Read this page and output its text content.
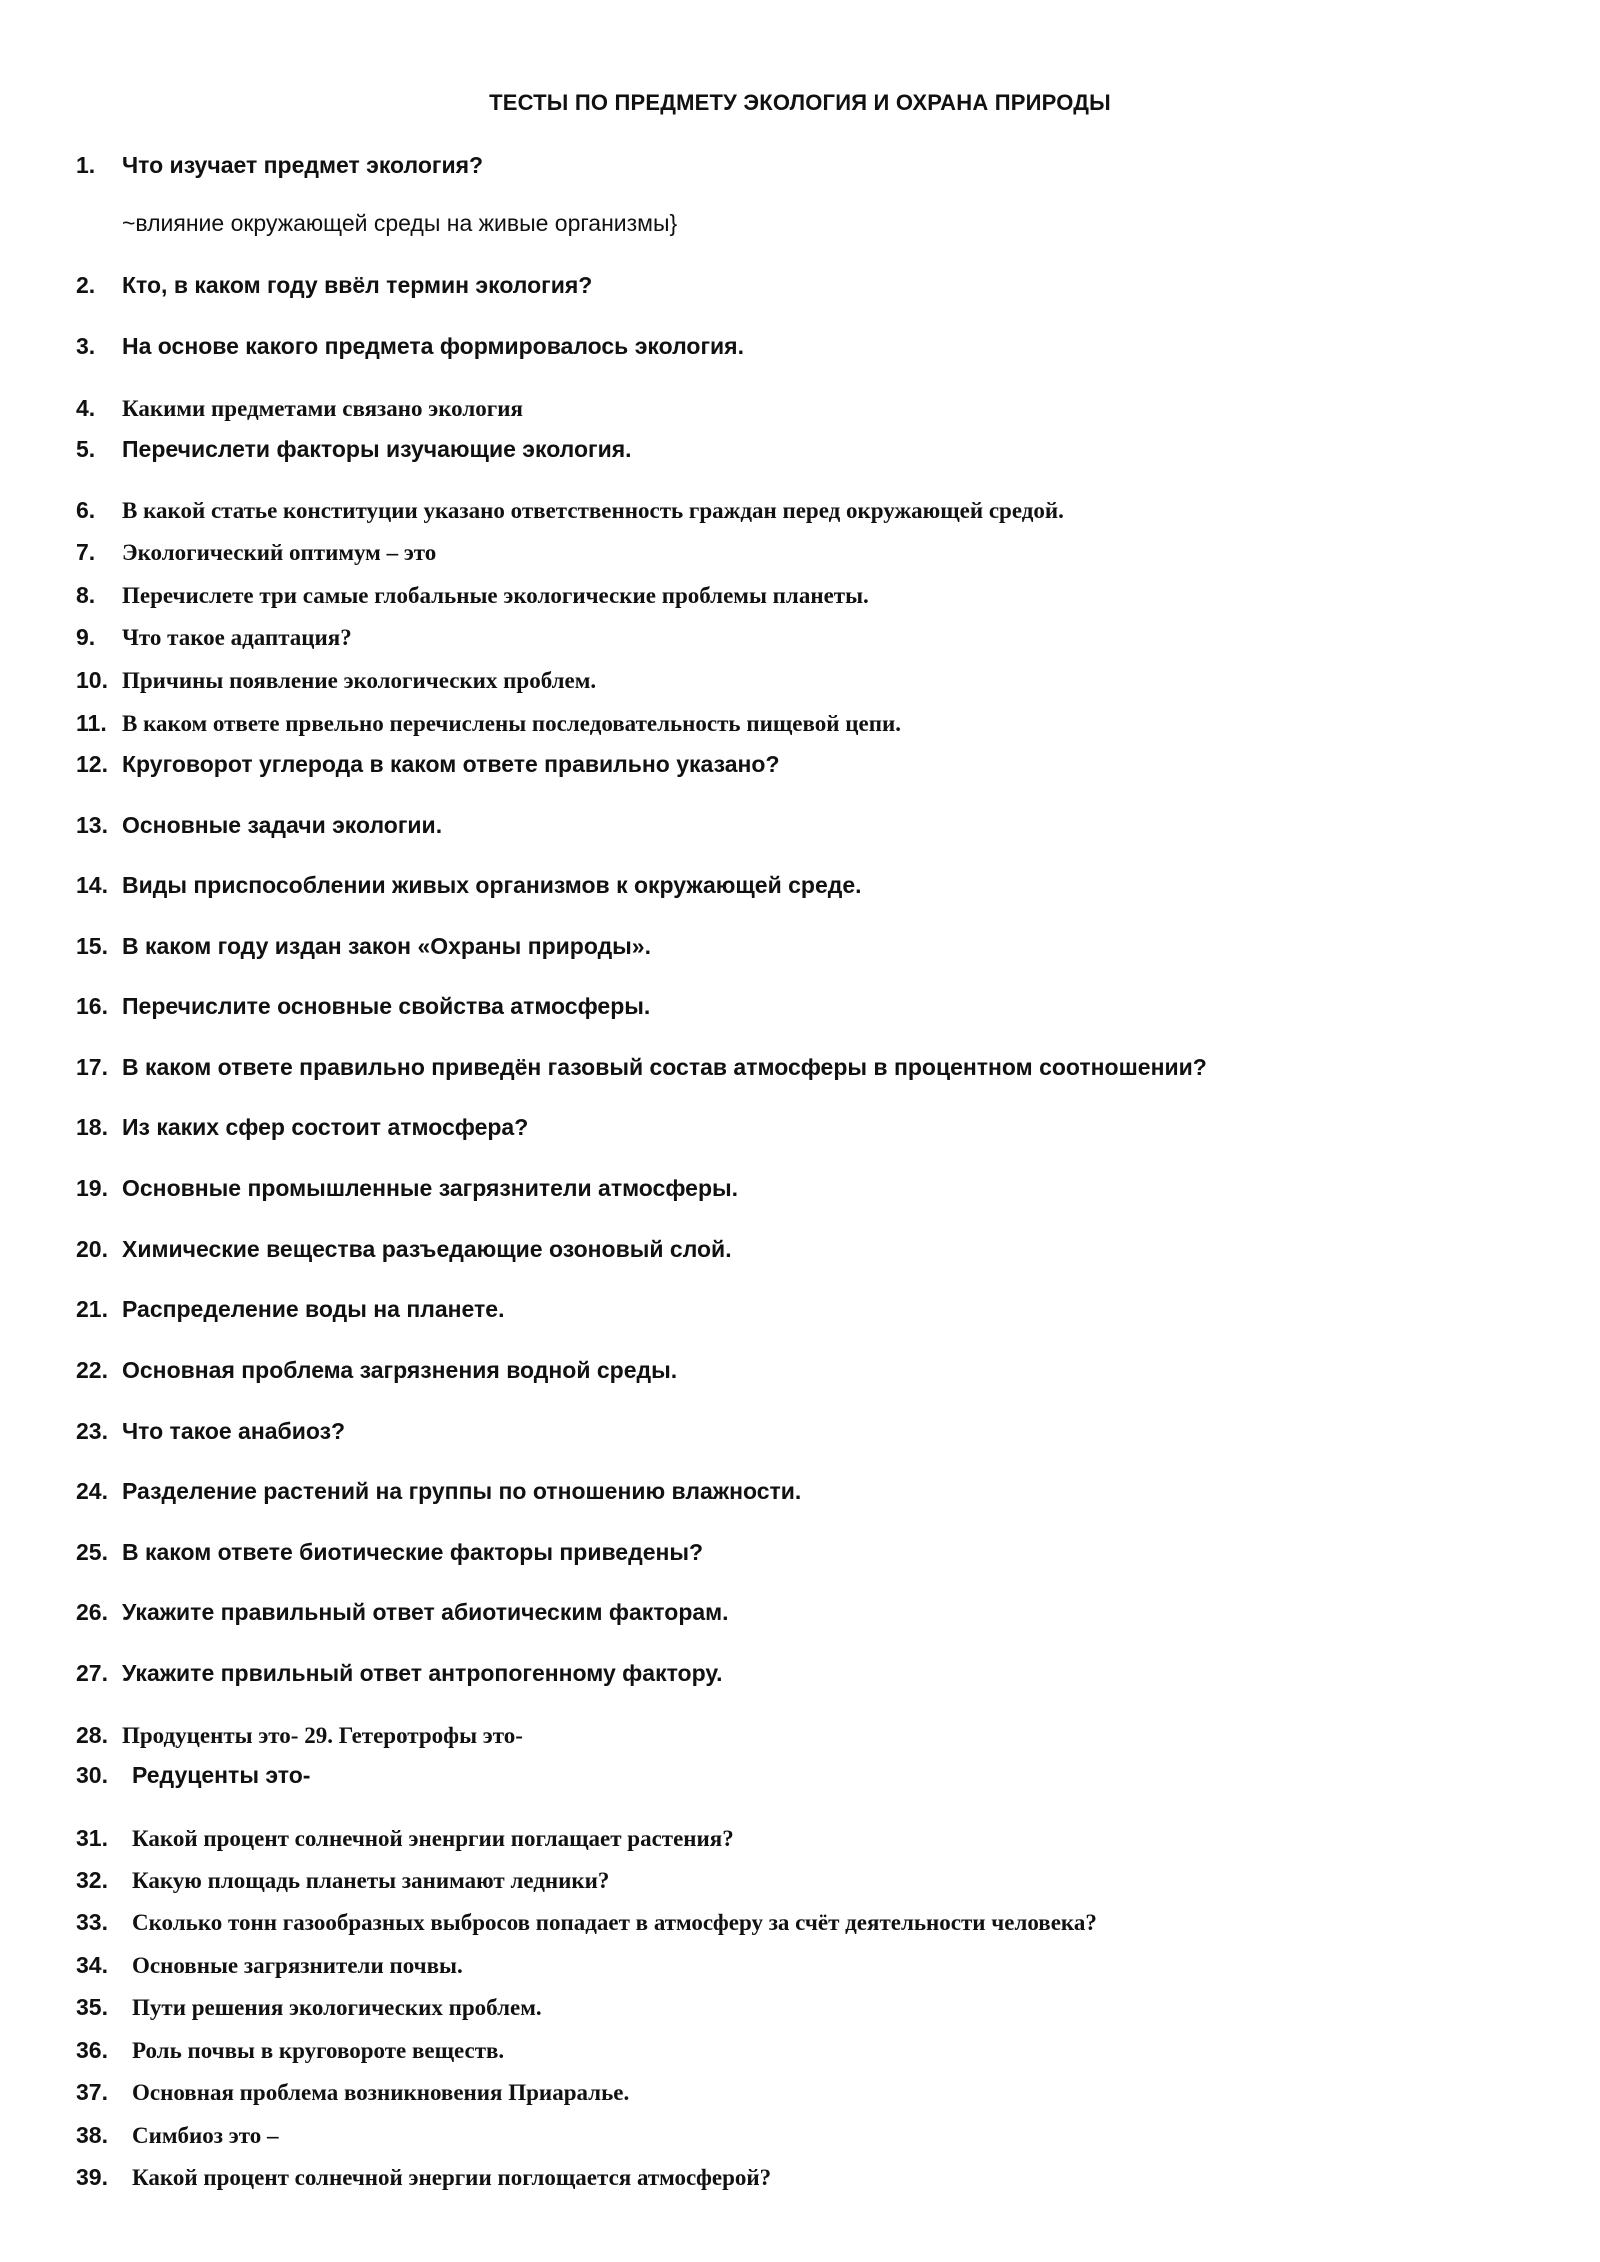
ТЕСТЫ ПО ПРЕДМЕТУ ЭКОЛОГИЯ И ОХРАНА ПРИРОДЫ
1. Что изучает предмет экология?
~влияние окружающей среды на живые организмы}
2. Кто, в каком году ввёл термин экология?
3. На основе какого предмета формировалось экология.
4. Какими предметами связано экология
5. Перечислети факторы изучающие экология.
6. В какой статье конституции указано ответственность граждан перед окружающей средой.
7. Экологический оптимум – это
8. Перечислете три самые глобальные экологические проблемы планеты.
9. Что такое адаптация?
10. Причины появление экологических проблем.
11. В каком ответе првельно перечислены последовательность пищевой цепи.
12. Круговорот углерода в каком ответе правильно указано?
13. Основные задачи экологии.
14. Виды приспособлении живых организмов к окружающей среде.
15. В каком году издан закон «Охраны природы».
16. Перечислите основные свойства атмосферы.
17. В каком ответе правильно приведён газовый состав атмосферы в процентном соотношении?
18. Из каких сфер состоит атмосфера?
19. Основные промышленные загрязнители атмосферы.
20. Химические вещества разъедающие озоновый слой.
21. Распределение воды на планете.
22. Основная проблема загрязнения водной среды.
23. Что такое анабиоз?
24. Разделение растений на группы по отношению влажности.
25. В каком ответе биотические факторы приведены?
26. Укажите правильный ответ абиотическим факторам.
27. Укажите првильный ответ антропогенному фактору.
28. Продуценты это- 29. Гетеротрофы это-
30. Редуценты это-
31. Какой процент солнечной эненргии поглащает растения?
32. Какую площадь планеты занимают ледники?
33. Сколько тонн газообразных выбросов попадает в атмосферу за счёт деятельности человека?
34. Основные загрязнители почвы.
35. Пути решения экологических проблем.
36. Роль почвы в круговороте веществ.
37. Основная проблема возникновения Приаралье.
38. Симбиоз это –
39. Какой процент солнечной энергии поглощается атмосферой?
